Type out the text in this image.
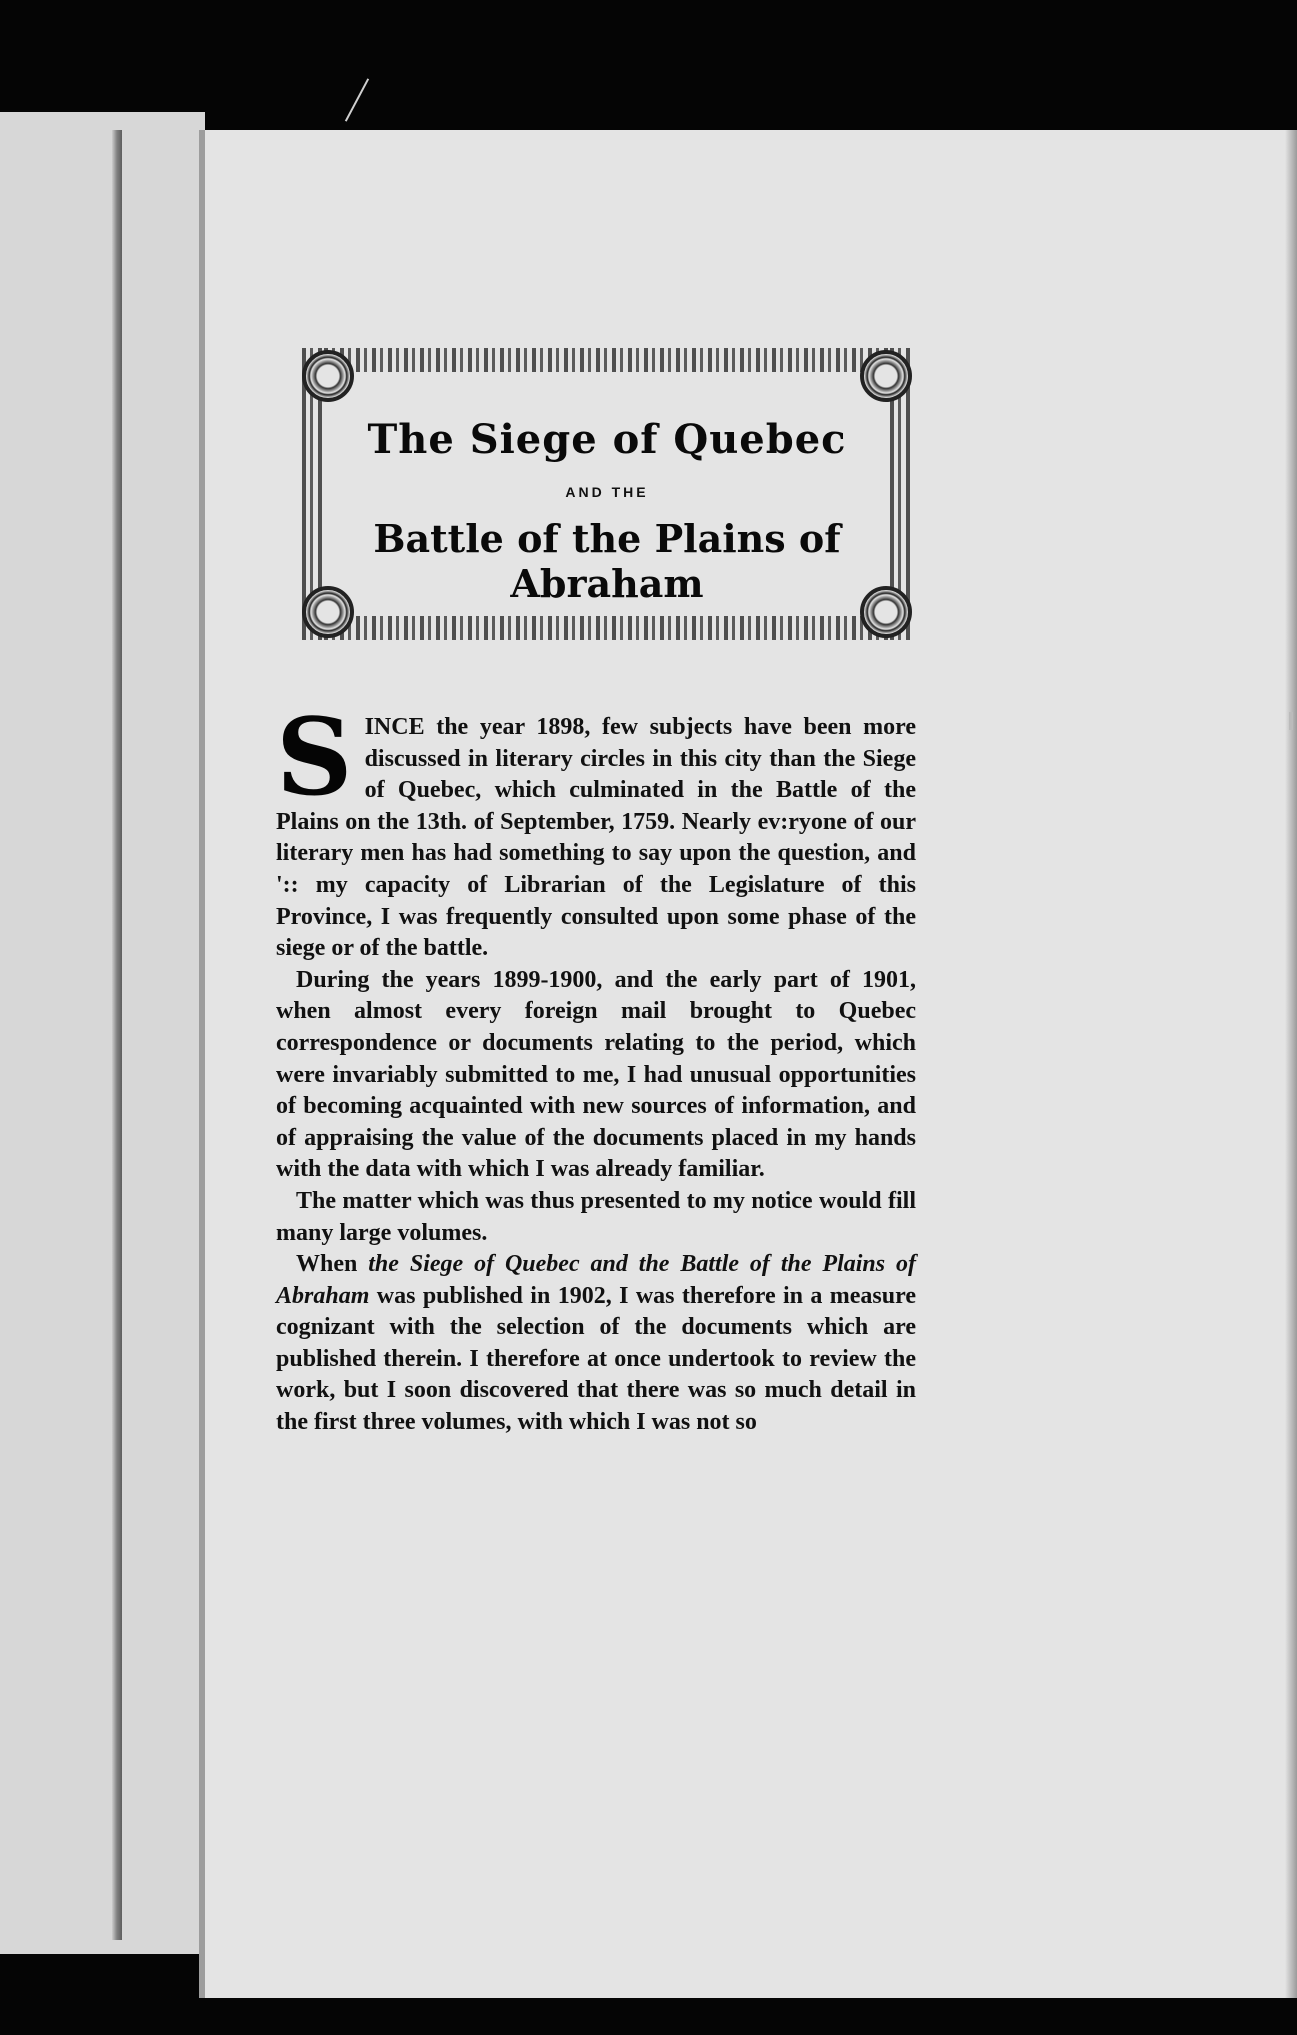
The Siege of Quebec
AND THE
Battle of the Plains of Abraham

SINCE the year 1898, few subjects have been more discussed in literary circles in this city than the Siege of Quebec, which culminated in the Battle of the Plains on the 13th. of September, 1759. Nearly ev:ryone of our literary men has had something to say upon the question, and ':: my capacity of Librarian of the Legislature of this Province, I was frequently consulted upon some phase of the siege or of the battle.

During the years 1899-1900, and the early part of 1901, when almost every foreign mail brought to Quebec correspondence or documents relating to the period, which were invariably submitted to me, I had unusual opportunities of becoming acquainted with new sources of information, and of appraising the value of the documents placed in my hands with the data with which I was already familiar.

The matter which was thus presented to my notice would fill many large volumes.

When the Siege of Quebec and the Battle of the Plains of Abraham was published in 1902, I was therefore in a measure cognizant with the selection of the documents which are published therein. I therefore at once undertook to review the work, but I soon discovered that there was so much detail in the first three volumes, with which I was not so
